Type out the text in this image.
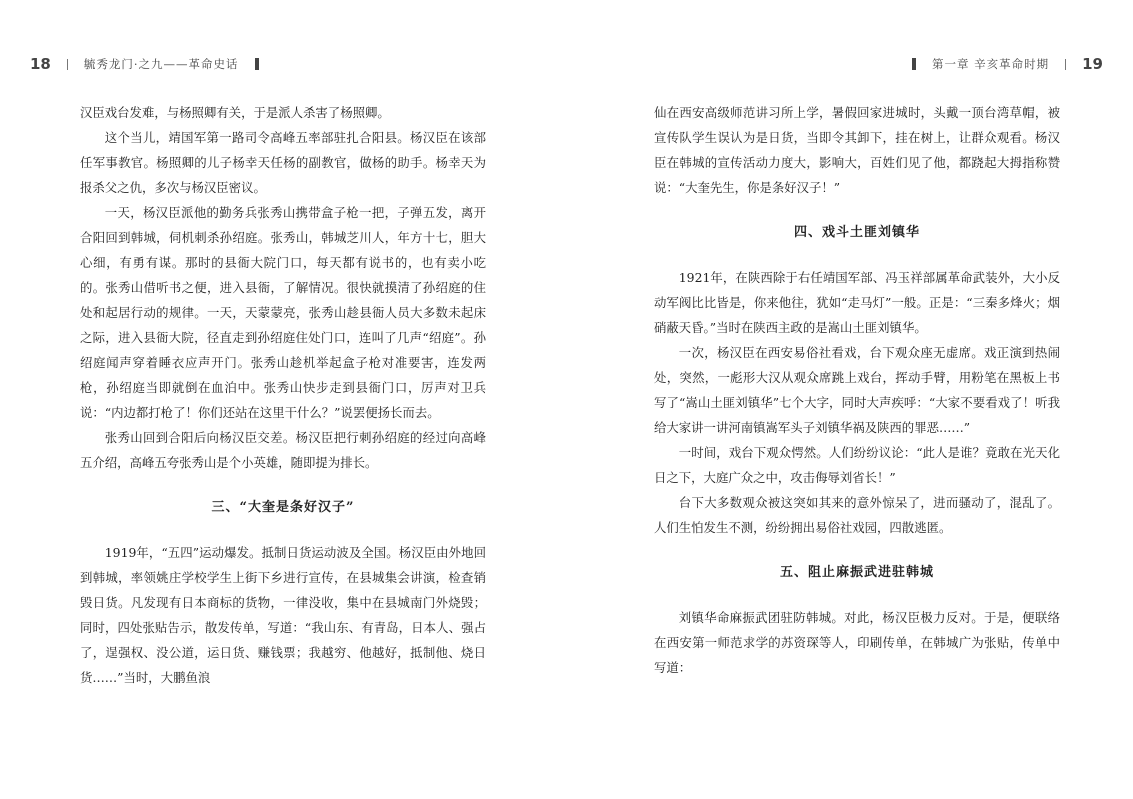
18	毓秀龙门·之九——革命史话

汉臣戏台发难，与杨照卿有关，于是派人杀害了杨照卿。

这个当儿，靖国军第一路司令高峰五率部驻扎合阳县。杨汉臣在该部任军事教官。杨照卿的儿子杨幸天任杨的副教官，做杨的助手。杨幸天为报杀父之仇，多次与杨汉臣密议。

一天，杨汉臣派他的勤务兵张秀山携带盒子枪一把，子弹五发，离开合阳回到韩城，伺机刺杀孙绍庭。张秀山，韩城芝川人，年方十七，胆大心细，有勇有谋。那时的县衙大院门口，每天都有说书的，也有卖小吃的。张秀山借听书之便，进入县衙，了解情况。很快就摸清了孙绍庭的住处和起居行动的规律。一天，天蒙蒙亮，张秀山趁县衙人员大多数未起床之际，进入县衙大院，径直走到孙绍庭住处门口，连叫了几声“绍庭”。孙绍庭闻声穿着睡衣应声开门。张秀山趁机举起盒子枪对准要害，连发两枪，孙绍庭当即就倒在血泊中。张秀山快步走到县衙门口，厉声对卫兵说：“内边都打枪了！你们还站在这里干什么？”说罢便扬长而去。

张秀山回到合阳后向杨汉臣交差。杨汉臣把行刺孙绍庭的经过向高峰五介绍，高峰五夸张秀山是个小英雄，随即提为排长。

三、“大奎是条好汉子”

1919年，“五四”运动爆发。抵制日货运动波及全国。杨汉臣由外地回到韩城，率领姚庄学校学生上街下乡进行宣传，在县城集会讲演，检查销毁日货。凡发现有日本商标的货物，一律没收，集中在县城南门外烧毁；同时，四处张贴告示，散发传单，写道：“我山东、有青岛，日本人、强占了，逞强权、没公道，运日货、赚钱票；我越穷、他越好，抵制他、烧日货……”当时，大鹏鱼浪

第一章 辛亥革命时期 19

仙在西安高级师范讲习所上学，暑假回家进城时，头戴一顶台湾草帽，被宣传队学生误认为是日货，当即令其卸下，挂在树上，让群众观看。杨汉臣在韩城的宣传活动力度大，影响大，百姓们见了他，都跷起大拇指称赞说：“大奎先生，你是条好汉子！”

四、戏斗土匪刘镇华

1921年，在陕西除于右任靖国军部、冯玉祥部属革命武装外，大小反动军阀比比皆是，你来他往，犹如“走马灯”一般。正是：“三秦多烽火；烟硝蔽天昏。”当时在陕西主政的是嵩山土匪刘镇华。

一次，杨汉臣在西安易俗社看戏，台下观众座无虚席。戏正演到热闹处，突然，一彪形大汉从观众席跳上戏台，挥动手臂，用粉笔在黑板上书写了“嵩山土匪刘镇华”七个大字，同时大声疾呼：“大家不要看戏了！听我给大家讲一讲河南镇嵩军头子刘镇华祸及陕西的罪恶……”

一时间，戏台下观众愕然。人们纷纷议论：“此人是谁？竟敢在光天化日之下，大庭广众之中，攻击侮辱刘省长！”

台下大多数观众被这突如其来的意外惊呆了，进而骚动了，混乱了。人们生怕发生不测，纷纷拥出易俗社戏园，四散逃匿。

五、阻止麻振武进驻韩城

刘镇华命麻振武团驻防韩城。对此，杨汉臣极力反对。于是，便联络在西安第一师范求学的苏资琛等人，印刷传单，在韩城广为张贴，传单中写道：
